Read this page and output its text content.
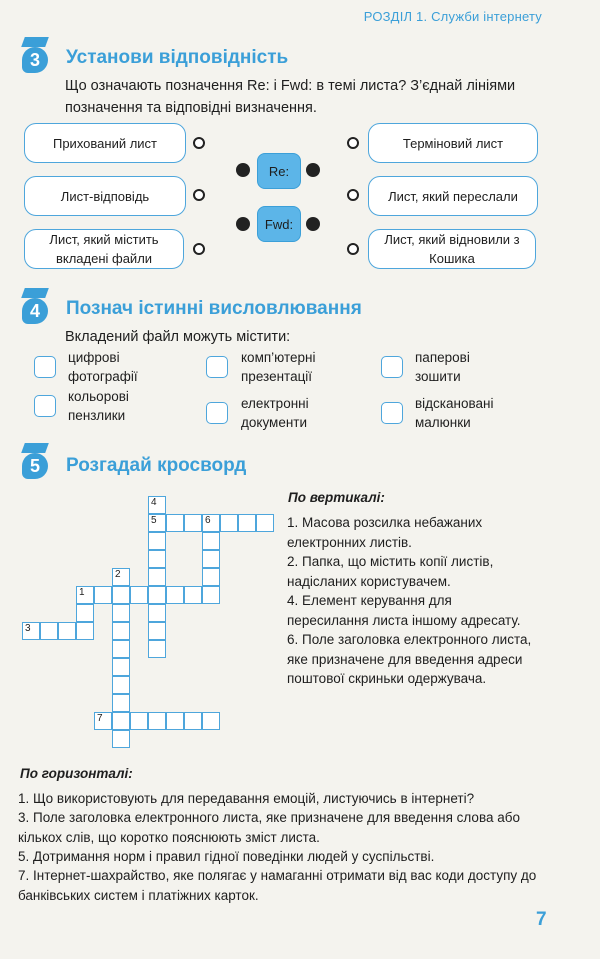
РОЗДІЛ 1. Служби інтернету
3	Установи відповідність
Що означають позначення Re: і Fwd: в темі листа? З’єднай лініями позначення та відповідні визначення.
Прихований лист
Лист-відповідь
Лист, який містить вкладені файли
Re:
Fwd:
Терміновий лист
Лист, який переслали
Лист, який відновили з Кошика
4	Познач істинні висловлювання
Вкладений файл можуть містити:
цифрові фотографії
кольорові пензлики
комп’ютерні презентації
електронні документи
паперові зошити
відскановані малюнки
5	Розгадай кросворд
3
1
7
5	6
4
2
По вертикалі:
1. Масова розсилка небажаних електронних листів.
2. Папка, що містить копії листів, надісланих користувачем.
4. Елемент керування для пересилання листа іншому адресату.
6. Поле заголовка електронного листа, яке призначене для введення адреси поштової скриньки одержувача.
По горизонталі:
1. Що використовують для передавання емоцій, листуючись в інтернеті?
3. Поле заголовка електронного листа, яке призначене для введення слова або кількох слів, що коротко пояснюють зміст листа.
5. Дотримання норм і правил гідної поведінки людей у суспільстві.
7. Інтернет-шахрайство, яке полягає у намаганні отримати від вас коди доступу до банківських систем і платіжних карток.
7
